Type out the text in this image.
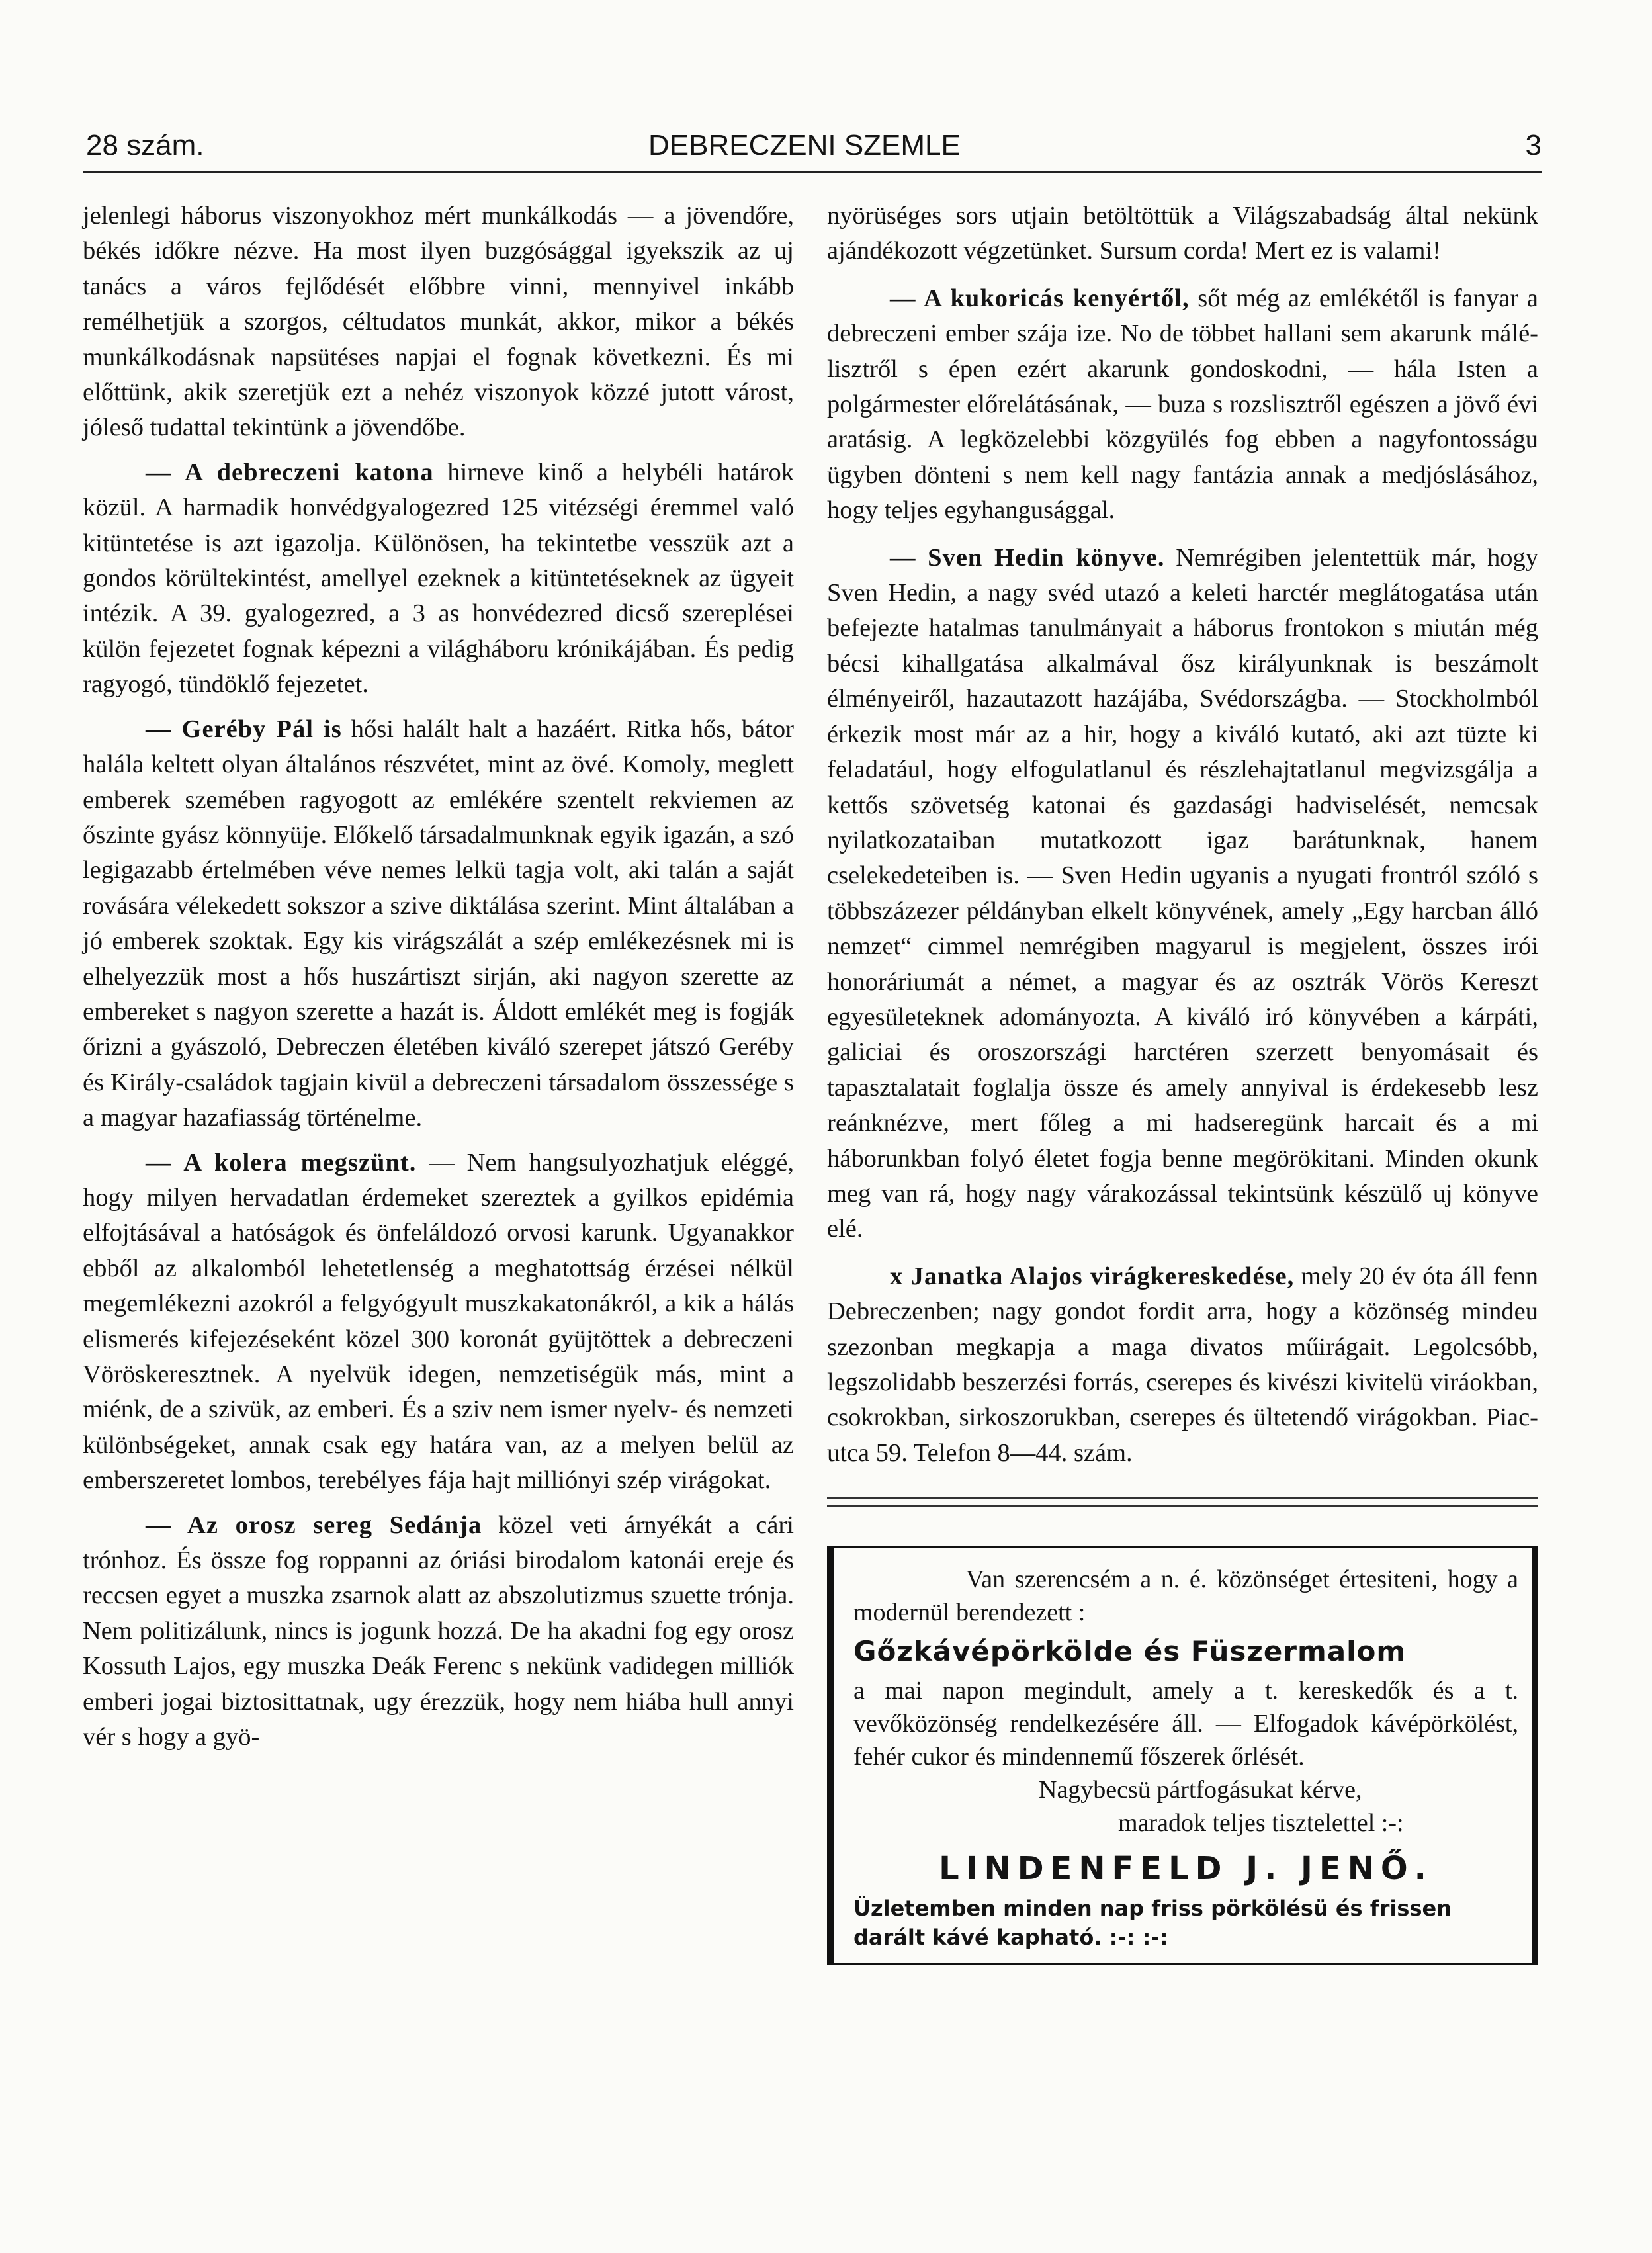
28 szám.	DEBRECZENI SZEMLE	3

jelenlegi háborus viszonyokhoz mért munkálkodás — a jövendőre, békés időkre nézve. Ha most ilyen buzgósággal igyekszik az uj tanács a város fejlődését előbbre vinni, mennyivel inkább remélhetjük a szorgos, céltudatos munkát, akkor, mikor a békés munkálkodásnak napsütéses napjai el fognak következni. És mi előttünk, akik szeretjük ezt a nehéz viszonyok közzé jutott várost, jóleső tudattal tekintünk a jövendőbe.

— A debreczeni katona hirneve kinő a helybéli határok közül. A harmadik honvédgyalogezred 125 vitézségi éremmel való kitüntetése is azt igazolja. Különösen, ha tekintetbe vesszük azt a gondos körültekintést, amellyel ezeknek a kitüntetéseknek az ügyeit intézik. A 39. gyalogezred, a 3 as honvédezred dicső szereplései külön fejezetet fognak képezni a világháboru krónikájában. És pedig ragyogó, tündöklő fejezetet.

— Geréby Pál is hősi halált halt a hazáért. Ritka hős, bátor halála keltett olyan általános részvétet, mint az övé. Komoly, meglett emberek szemében ragyogott az emlékére szentelt rekviemen az őszinte gyász könnyüje. Előkelő társadalmunknak egyik igazán, a szó legigazabb értelmében véve nemes lelkü tagja volt, aki talán a saját rovására vélekedett sokszor a szive diktálása szerint. Mint általában a jó emberek szoktak. Egy kis virágszálát a szép emlékezésnek mi is elhelyezzük most a hős huszártiszt sirján, aki nagyon szerette az embereket s nagyon szerette a hazát is. Áldott emlékét meg is fogják őrizni a gyászoló, Debreczen életében kiváló szerepet játszó Geréby és Király-családok tagjain kivül a debreczeni társadalom összessége s a magyar hazafiasság történelme.

— A kolera megszünt. — Nem hangsulyozhatjuk eléggé, hogy milyen hervadatlan érdemeket szereztek a gyilkos epidémia elfojtásával a hatóságok és önfeláldozó orvosi karunk. Ugyanakkor ebből az alkalomból lehetetlenség a meghatottság érzései nélkül megemlékezni azokról a felgyógyult muszkakatonákról, a kik a hálás elismerés kifejezéseként közel 300 koronát gyüjtöttek a debreczeni Vöröskeresztnek. A nyelvük idegen, nemzetiségük más, mint a miénk, de a szivük, az emberi. És a sziv nem ismer nyelv- és nemzeti különbségeket, annak csak egy határa van, az a melyen belül az emberszeretet lombos, terebélyes fája hajt milliónyi szép virágokat.

— Az orosz sereg Sedánja közel veti árnyékát a cári trónhoz. És össze fog roppanni az óriási birodalom katonái ereje és reccsen egyet a muszka zsarnok alatt az abszolutizmus szuette trónja. Nem politizálunk, nincs is jogunk hozzá. De ha akadni fog egy orosz Kossuth Lajos, egy muszka Deák Ferenc s nekünk vadidegen milliók emberi jogai biztosittatnak, ugy érezzük, hogy nem hiába hull annyi vér s hogy a gyö-

nyörüséges sors utjain betöltöttük a Világszabadság által nekünk ajándékozott végzetünket. Sursum corda! Mert ez is valami!

— A kukoricás kenyértől, sőt még az emlékétől is fanyar a debreczeni ember szája ize. No de többet hallani sem akarunk málé-lisztről s épen ezért akarunk gondoskodni, — hála Isten a polgármester előrelátásának, — buza s rozslisztről egészen a jövő évi aratásig. A legközelebbi közgyülés fog ebben a nagyfontosságu ügyben dönteni s nem kell nagy fantázia annak a medjóslásához, hogy teljes egyhangusággal.

— Sven Hedin könyve. Nemrégiben jelentettük már, hogy Sven Hedin, a nagy svéd utazó a keleti harctér meglátogatása után befejezte hatalmas tanulmányait a háborus frontokon s miután még bécsi kihallgatása alkalmával ősz királyunknak is beszámolt élményeiről, hazautazott hazájába, Svédországba. — Stockholmból érkezik most már az a hir, hogy a kiváló kutató, aki azt tüzte ki feladatául, hogy elfogulatlanul és részlehajtatlanul megvizsgálja a kettős szövetség katonai és gazdasági hadviselését, nemcsak nyilatkozataiban mutatkozott igaz barátunknak, hanem cselekedeteiben is. — Sven Hedin ugyanis a nyugati frontról szóló s többszázezer példányban elkelt könyvének, amely „Egy harcban álló nemzet“ cimmel nemrégiben magyarul is megjelent, összes irói honoráriumát a német, a magyar és az osztrák Vörös Kereszt egyesületeknek adományozta. A kiváló iró könyvében a kárpáti, galiciai és oroszországi harctéren szerzett benyomásait és tapasztalatait foglalja össze és amely annyival is érdekesebb lesz reánknézve, mert főleg a mi hadseregünk harcait és a mi háborunkban folyó életet fogja benne megörökitani. Minden okunk meg van rá, hogy nagy várakozással tekintsünk készülő uj könyve elé.

x Janatka Alajos virágkereskedése, mely 20 év óta áll fenn Debreczenben; nagy gondot fordit arra, hogy a közönség mindeu szezonban megkapja a maga divatos műirágait. Legolcsóbb, legszolidabb beszerzési forrás, cserepes és kivészi kivitelü viráokban, csokrokban, sirkoszorukban, cserepes és ültetendő virágokban. Piac-utca 59. Telefon 8—44. szám.

Van szerencsém a n. é. közönséget értesiteni, hogy a modernül berendezett :

Gőzkávépörkölde és Füszermalom

a mai napon megindult, amely a t. kereskedők és a t. vevőközönség rendelkezésére áll. — Elfogadok kávépörkölést, fehér cukor és mindennemű főszerek őrlését.

Nagybecsü pártfogásukat kérve,

maradok teljes tisztelettel :-:

LINDENFELD J. JENŐ.
Üzletemben minden nap friss pörkölésü és frissen darált kávé kapható. :-: :-:
